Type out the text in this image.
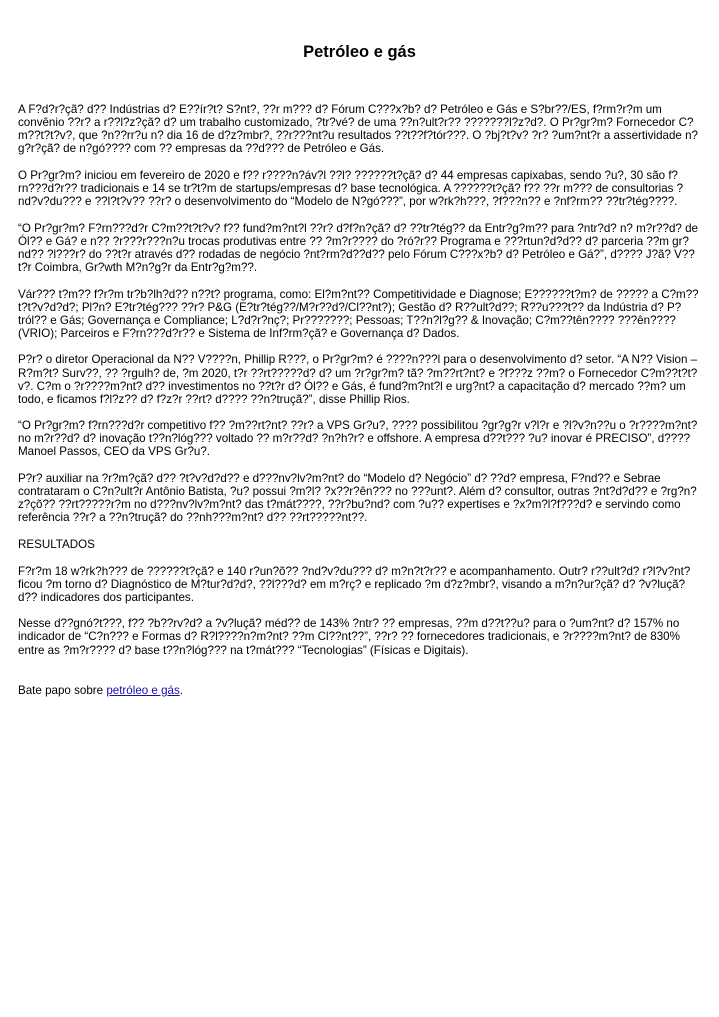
Petróleo e gás

A F?d?r?çã? d?? Indústrias d? E??ír?t? S?nt?, ??r m??? d? Fórum C???x?b? d? Petróleo e Gás e S?br??/ES, f?rm?r?m um convênio ??r? a r??l?z?çã? d? um trabalho customizado, ?tr?vé? de uma ??n?ult?r?? ???????l?z?d?. O Pr?gr?m? Fornecedor C?m??t?t?v?, que ?n??rr?u n? dia 16 de d?z?mbr?, ??r???nt?u resultados ??t??f?tór???. O ?bj?t?v? ?r? ?um?nt?r a assertividade n? g?r?çã? de n?gó???? com ?? empresas da ??d??? de Petróleo e Gás.

O Pr?gr?m? iniciou em fevereiro de 2020 e f?? r????n?áv?l ??l? ??????t?çã? d? 44 empresas capixabas, sendo ?u?, 30 são f?rn???d?r?? tradicionais e 14 se tr?t?m de startups/empresas d? base tecnológica. A ??????t?çã? f?? ??r m??? de consultorias ?nd?v?du??? e ??l?t?v?? ??r? o desenvolvimento do “Modelo de N?gó???”, por w?rk?h???, ?f???n?? e ?nf?rm?? ??tr?tég????.

“O Pr?gr?m? F?rn???d?r C?m??t?t?v? f?? fund?m?nt?l ??r? d?f?n?çã? d? ??tr?tég?? da Entr?g?m?? para ?ntr?d? n? m?r??d? de Ól?? e Gá? e n?? ?r???r???n?u trocas produtivas entre ?? ?m?r???? do ?ró?r?? Programa e ???rtun?d?d?? d? parceria ??m gr?nd?? ?l???r? do ??t?r através d?? rodadas de negócio ?nt?rm?d??d?? pelo Fórum C???x?b? d? Petróleo e Gá?”, d???? J?ã? V??t?r Coimbra, Gr?wth M?n?g?r da Entr?g?m??.

Vár??? t?m?? f?r?m tr?b?lh?d?? n??t? programa, como: El?m?nt?? Competitividade e Diagnose; E??????t?m? de ????? a C?m??t?t?v?d?d?; Pl?n? E?tr?tég??? ??r? P&G (E?tr?tég??/M?r??d?/Cl??nt?); Gestão d? R??ult?d??; R??u???t?? da Indústria d? P?tról?? e Gás; Governança e Compliance; L?d?r?nç?; Pr???????; Pessoas; T??n?l?g?? & Inovação; C?m??tên???? ???ên???? (VRIO); Parceiros e F?rn???d?r?? e Sistema de Inf?rm?çã? e Governança d? Dados.

P?r? o diretor Operacional da N?? V????n, Phillip R???, o Pr?gr?m? é ????n???l para o desenvolvimento d? setor. “A N?? Vision – R?m?t? Surv??, ?? ?rgulh? de, ?m 2020, t?r ??rt?????d? d? um ?r?gr?m? tã? ?m??rt?nt? e ?f???z ??m? o Fornecedor C?m??t?t?v?. C?m o ?r????m?nt? d?? investimentos no ??t?r d? Ól?? e Gás, é fund?m?nt?l e urg?nt? a capacitação d? mercado ??m? um todo, e ficamos f?l?z?? d? f?z?r ??rt? d???? ??n?truçã?”, disse Phillip Rios.

“O Pr?gr?m? f?rn???d?r competitivo f?? ?m??rt?nt? ??r? a VPS Gr?u?, ???? possibilitou ?gr?g?r v?l?r e ?l?v?n??u o ?r????m?nt? no m?r??d? d? inovação t??n?lóg??? voltado ?? m?r??d? ?n?h?r? e offshore. A empresa d??t??? ?u? inovar é PRECISO”, d???? Manoel Passos, CEO da VPS Gr?u?.

P?r? auxiliar na ?r?m?çã? d?? ?t?v?d?d?? e d???nv?lv?m?nt? do “Modelo d? Negócio” d? ??d? empresa, F?nd?? e Sebrae contrataram o C?n?ult?r Antônio Batista, ?u? possui ?m?l? ?x??r?ên??? no ???unt?. Além d? consultor, outras ?nt?d?d?? e ?rg?n?z?çõ?? ??rt?????r?m no d???nv?lv?m?nt? das t?mát????, ??r?bu?nd? com ?u?? expertises e ?x?m?l?f???d? e servindo como referência ??r? a ??n?truçã? do ??nh???m?nt? d?? ??rt?????nt??.

RESULTADOS

F?r?m 18 w?rk?h??? de ??????t?çã? e 140 r?un?õ?? ?nd?v?du??? d? m?n?t?r?? e acompanhamento. Outr? r??ult?d? r?l?v?nt? ficou ?m torno d? Diagnóstico de M?tur?d?d?, ??l???d? em m?rç? e replicado ?m d?z?mbr?, visando a m?n?ur?çã? d? ?v?luçã? d?? indicadores dos participantes.

Nesse d??gnó?t???, f?? ?b??rv?d? a ?v?luçã? méd?? de 143% ?ntr? ?? empresas, ??m d??t??u? para o ?um?nt? d? 157% no indicador de “C?n??? e Formas d? R?l????n?m?nt? ??m Cl??nt??”, ??r? ?? fornecedores tradicionais, e ?r????m?nt? de 830% entre as ?m?r???? d? base t??n?lóg??? na t?mát??? “Tecnologias” (Físicas e Digitais).

Bate papo sobre petróleo e gás.
